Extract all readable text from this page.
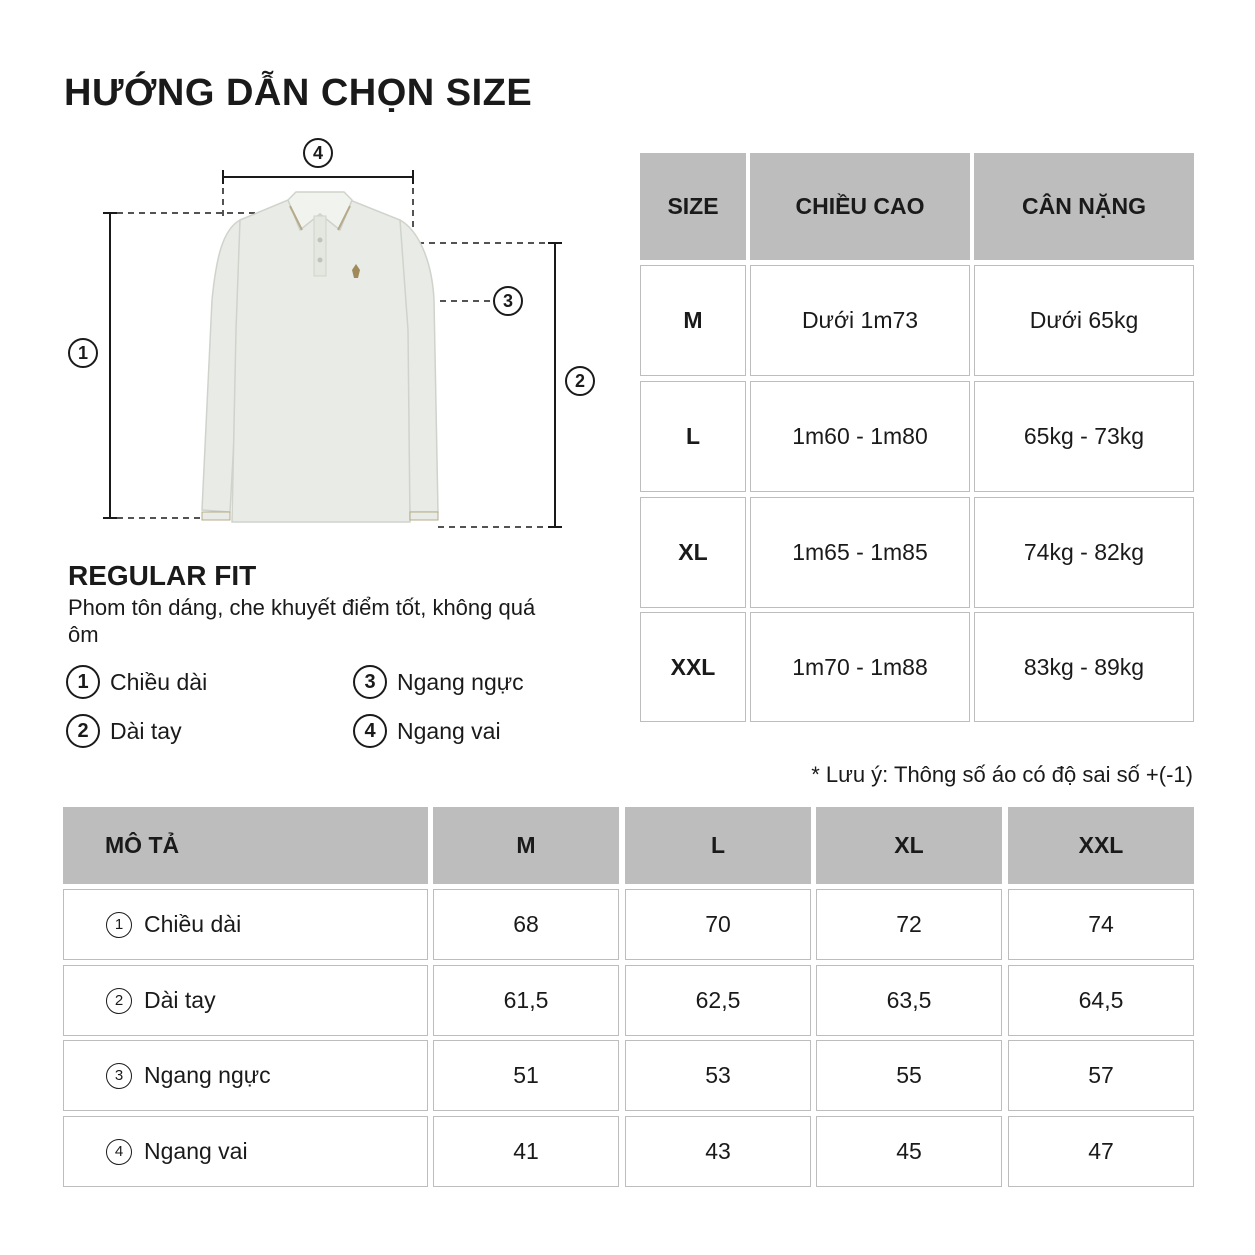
HƯỚNG DẪN CHỌN SIZE
4
1
3
2
REGULAR FIT
Phom tôn dáng, che khuyết điểm tốt, không quá ôm
1 Chiều dài	3 Ngang ngực
2 Dài tay	4 Ngang vai
SIZE	CHIỀU CAO	CÂN NẶNG
M	Dưới 1m73	Dưới 65kg
L	1m60 - 1m80	65kg - 73kg
XL	1m65 - 1m85	74kg - 82kg
XXL	1m70 - 1m88	83kg - 89kg
* Lưu ý: Thông số áo có độ sai số +(-1)
MÔ TẢ	M	L	XL	XXL
1 Chiều dài	68	70	72	74
2 Dài tay	61,5	62,5	63,5	64,5
3 Ngang ngực	51	53	55	57
4 Ngang vai	41	43	45	47
